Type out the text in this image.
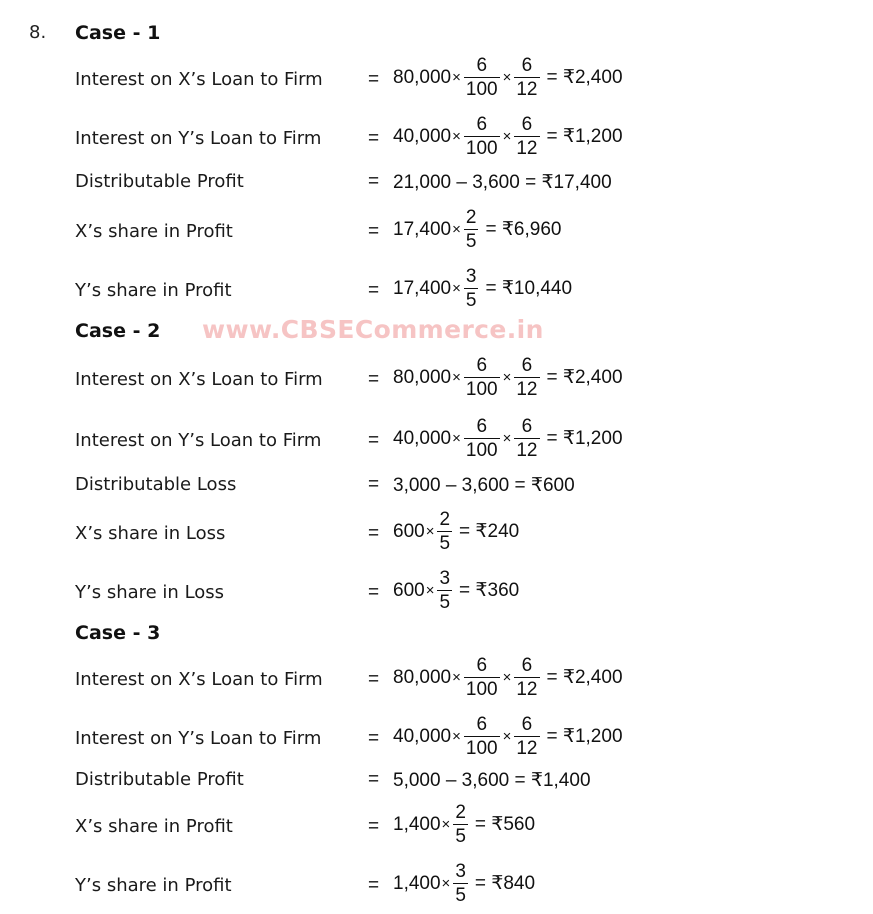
8.
www.CBSECommerce.in
Case - 1
Interest on X’s Loan to Firm = $80,000 \times \frac{6}{100} \times \frac{6}{12}$ = ₹2,400
Interest on Y’s Loan to Firm = $40,000 \times \frac{6}{100} \times \frac{6}{12}$ = ₹1,200
Distributable Profit	= 21,000 – 3,600 = ₹17,400
X’s share in Profit	= $17,400 \times \frac{2}{5}$ = ₹6,960
Y’s share in Profit	= $17,400 \times \frac{3}{5}$ = ₹10,440
Case - 2
Interest on X’s Loan to Firm = $80,000 \times \frac{6}{100} \times \frac{6}{12}$ = ₹2,400
Interest on Y’s Loan to Firm = $40,000 \times \frac{6}{100} \times \frac{6}{12}$ = ₹1,200
Distributable Loss	= 3,000 – 3,600 = ₹600
X’s share in Loss	= $600 \times \frac{2}{5}$ = ₹240
Y’s share in Loss	= $600 \times \frac{3}{5}$ = ₹360
Case - 3
Interest on X’s Loan to Firm = $80,000 \times \frac{6}{100} \times \frac{6}{12}$ = ₹2,400
Interest on Y’s Loan to Firm = $40,000 \times \frac{6}{100} \times \frac{6}{12}$ = ₹1,200
Distributable Profit	= 5,000 – 3,600 = ₹1,400
X’s share in Profit	= $1,400 \times \frac{2}{5}$ = ₹560
Y’s share in Profit	= $1,400 \times \frac{3}{5}$ = ₹840
